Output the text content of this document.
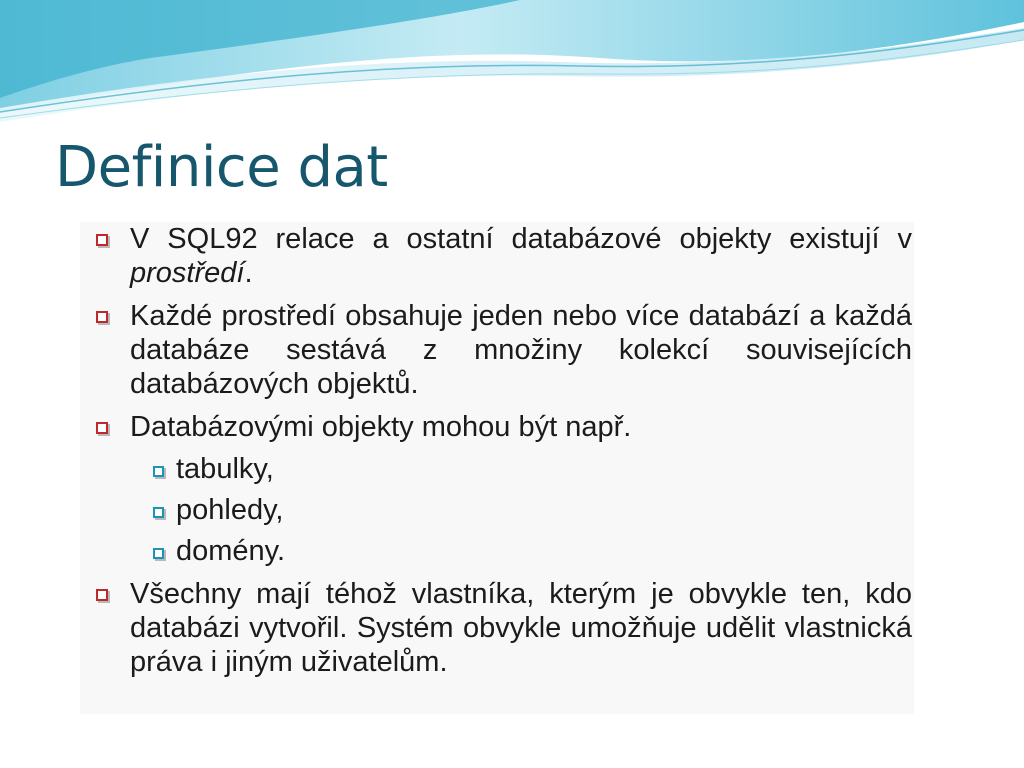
Definice dat
V SQL92 relace a ostatní databázové objekty existují v prostředí.
Každé prostředí obsahuje jeden nebo více databází a každá databáze sestává z množiny kolekcí souvisejících databázových objektů.
Databázovými objekty mohou být např.
tabulky,
pohledy,
domény.
Všechny mají téhož vlastníka, kterým je obvykle ten, kdo databázi vytvořil. Systém obvykle umožňuje udělit vlastnická práva i jiným uživatelům.
